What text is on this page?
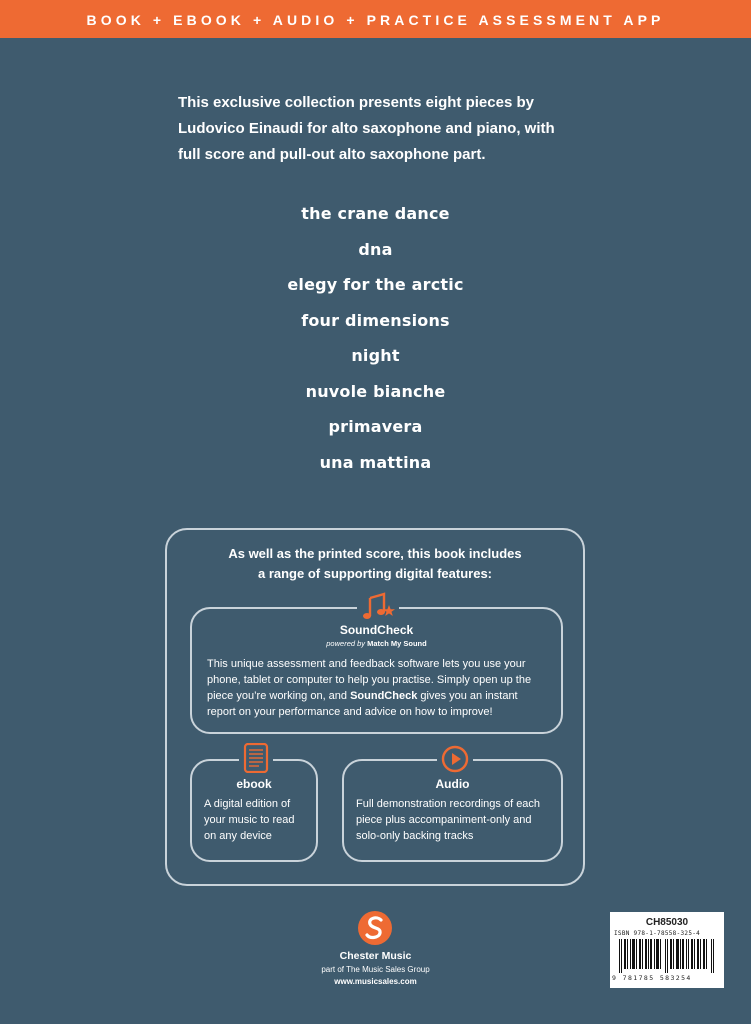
BOOK + EBOOK + AUDIO + PRACTICE ASSESSMENT APP
This exclusive collection presents eight pieces by
Ludovico Einaudi for alto saxophone and piano, with
full score and pull-out alto saxophone part.
the crane dance
dna
elegy for the arctic
four dimensions
night
nuvole bianche
primavera
una mattina
As well as the printed score, this book includes
a range of supporting digital features:
SoundCheck
powered by Match My Sound
This unique assessment and feedback software lets you use your
phone, tablet or computer to help you practise. Simply open up the
piece you’re working on, and SoundCheck gives you an instant
report on your performance and advice on how to improve!
ebook
A digital edition of
your music to read
on any device
Audio
Full demonstration recordings of each
piece plus accompaniment-only and
solo-only backing tracks
Chester Music
part of The Music Sales Group
www.musicsales.com
CH85030
ISBN 978-1-78558-325-4
9 781785 583254
